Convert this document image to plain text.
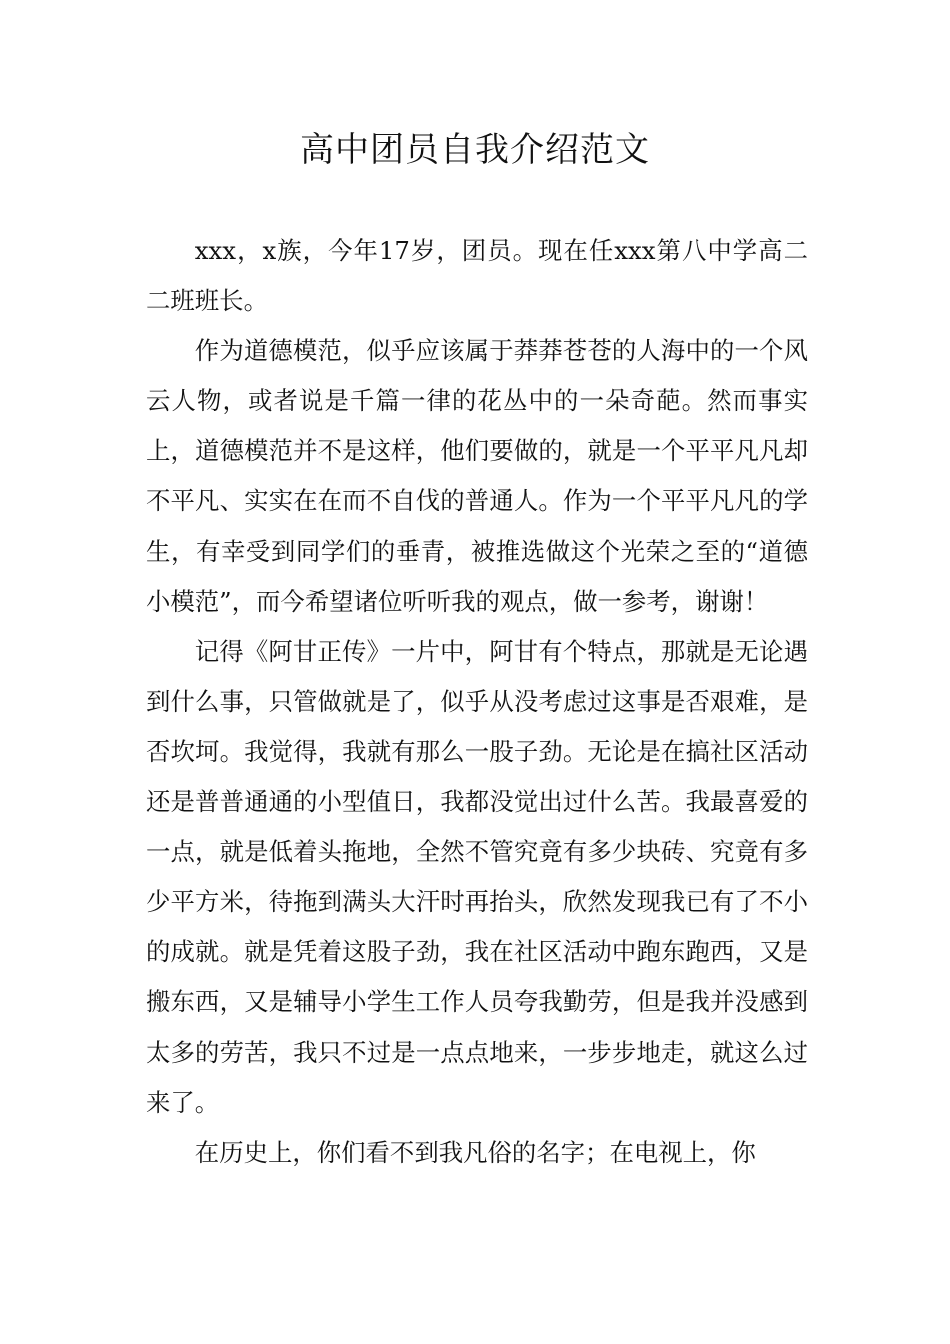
高中团员自我介绍范文

xxx，x族，今年17岁，团员。现在任xxx第八中学高二二班班长。

作为道德模范，似乎应该属于莽莽苍苍的人海中的一个风云人物，或者说是千篇一律的花丛中的一朵奇葩。然而事实上，道德模范并不是这样，他们要做的，就是一个平平凡凡却不平凡、实实在在而不自伐的普通人。作为一个平平凡凡的学生，有幸受到同学们的垂青，被推选做这个光荣之至的“道德小模范”，而今希望诸位听听我的观点，做一参考，谢谢！

记得《阿甘正传》一片中，阿甘有个特点，那就是无论遇到什么事，只管做就是了，似乎从没考虑过这事是否艰难，是否坎坷。我觉得，我就有那么一股子劲。无论是在搞社区活动还是普普通通的小型值日，我都没觉出过什么苦。我最喜爱的一点，就是低着头拖地，全然不管究竟有多少块砖、究竟有多少平方米，待拖到满头大汗时再抬头，欣然发现我已有了不小的成就。就是凭着这股子劲，我在社区活动中跑东跑西，又是搬东西，又是辅导小学生工作人员夸我勤劳，但是我并没感到太多的劳苦，我只不过是一点点地来，一步步地走，就这么过来了。

在历史上，你们看不到我凡俗的名字；在电视上，你
